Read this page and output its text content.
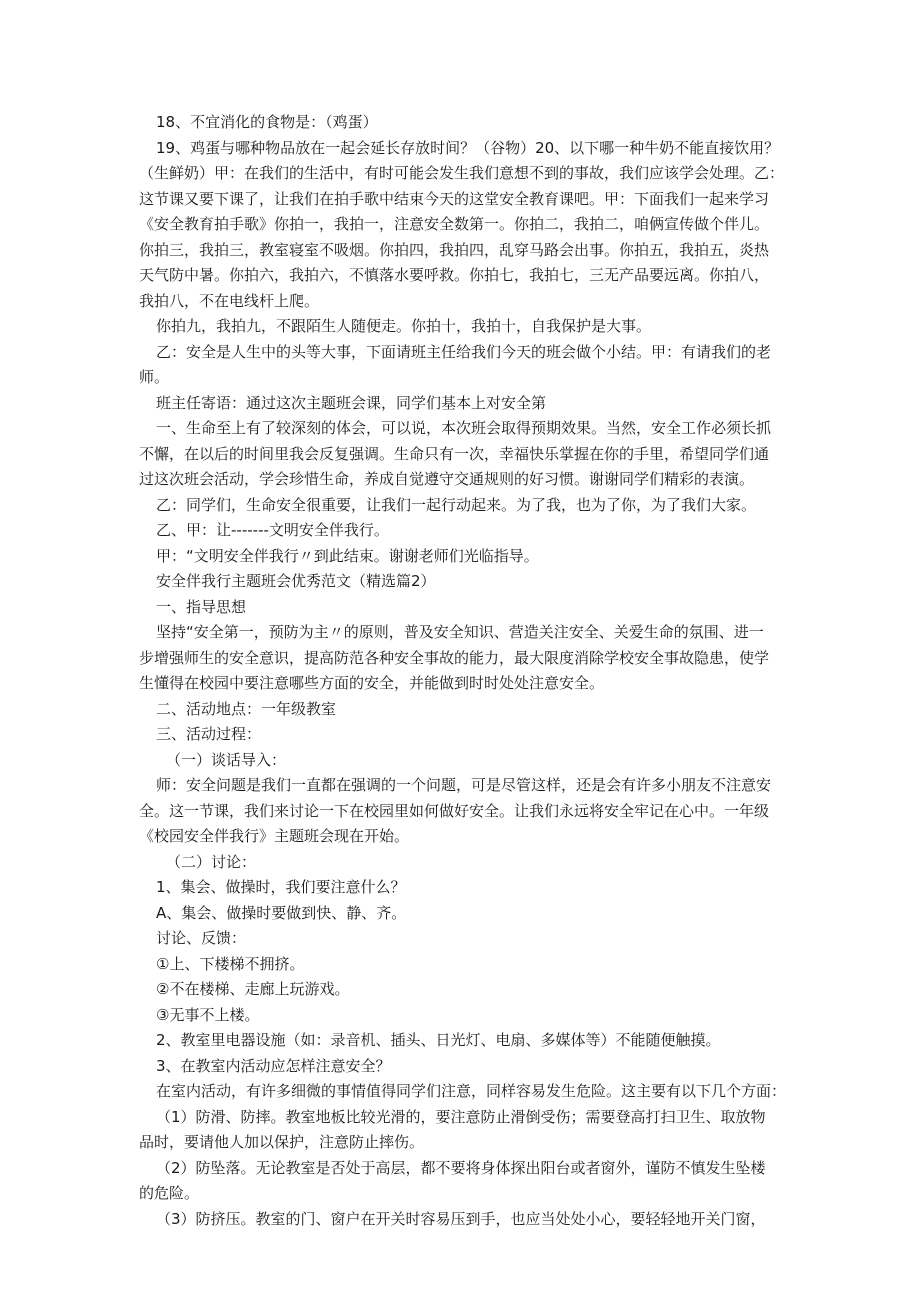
18、不宜消化的食物是：（鸡蛋）
19、鸡蛋与哪种物品放在一起会延长存放时间？（谷物）20、以下哪一种牛奶不能直接饮用？
（生鲜奶）甲：在我们的生活中，有时可能会发生我们意想不到的事故，我们应该学会处理。乙：
这节课又要下课了，让我们在拍手歌中结束今天的这堂安全教育课吧。甲：下面我们一起来学习
《安全教育拍手歌》你拍一，我拍一，注意安全数第一。你拍二，我拍二，咱俩宣传做个伴儿。
你拍三，我拍三，教室寝室不吸烟。你拍四，我拍四，乱穿马路会出事。你拍五，我拍五，炎热
天气防中暑。你拍六，我拍六，不慎落水要呼救。你拍七，我拍七，三无产品要远离。你拍八，
我拍八，不在电线杆上爬。
你拍九，我拍九，不跟陌生人随便走。你拍十，我拍十，自我保护是大事。
乙：安全是人生中的头等大事，下面请班主任给我们今天的班会做个小结。甲：有请我们的老
师。
班主任寄语：通过这次主题班会课，同学们基本上对安全第
一、生命至上有了较深刻的体会，可以说，本次班会取得预期效果。当然，安全工作必须长抓
不懈，在以后的时间里我会反复强调。生命只有一次，幸福快乐掌握在你的手里，希望同学们通
过这次班会活动，学会珍惜生命，养成自觉遵守交通规则的好习惯。谢谢同学们精彩的表演。
乙：同学们，生命安全很重要，让我们一起行动起来。为了我，也为了你，为了我们大家。
乙、甲：让-------文明安全伴我行。
甲：“文明安全伴我行〃到此结束。谢谢老师们光临指导。
安全伴我行主题班会优秀范文（精选篇2）
一、指导思想
坚持“安全第一，预防为主〃的原则，普及安全知识、营造关注安全、关爱生命的氛围、进一
步增强师生的安全意识，提高防范各种安全事故的能力，最大限度消除学校安全事故隐患，使学
生懂得在校园中要注意哪些方面的安全，并能做到时时处处注意安全。
二、活动地点：一年级教室
三、活动过程：
（一）谈话导入：
师：安全问题是我们一直都在强调的一个问题，可是尽管这样，还是会有许多小朋友不注意安
全。这一节课，我们来讨论一下在校园里如何做好安全。让我们永远将安全牢记在心中。一年级
《校园安全伴我行》主题班会现在开始。
（二）讨论：
1、集会、做操时，我们要注意什么？
A、集会、做操时要做到快、静、齐。
讨论、反馈：
①上、下楼梯不拥挤。
②不在楼梯、走廊上玩游戏。
③无事不上楼。
2、教室里电器设施（如：录音机、插头、日光灯、电扇、多媒体等）不能随便触摸。
3、在教室内活动应怎样注意安全？
在室内活动，有许多细微的事情值得同学们注意，同样容易发生危险。这主要有以下几个方面：
（1）防滑、防摔。教室地板比较光滑的，要注意防止滑倒受伤；需要登高打扫卫生、取放物
品时，要请他人加以保护，注意防止摔伤。
（2）防坠落。无论教室是否处于高层，都不要将身体探出阳台或者窗外，谨防不慎发生坠楼
的危险。
（3）防挤压。教室的门、窗户在开关时容易压到手，也应当处处小心，要轻轻地开关门窗，
